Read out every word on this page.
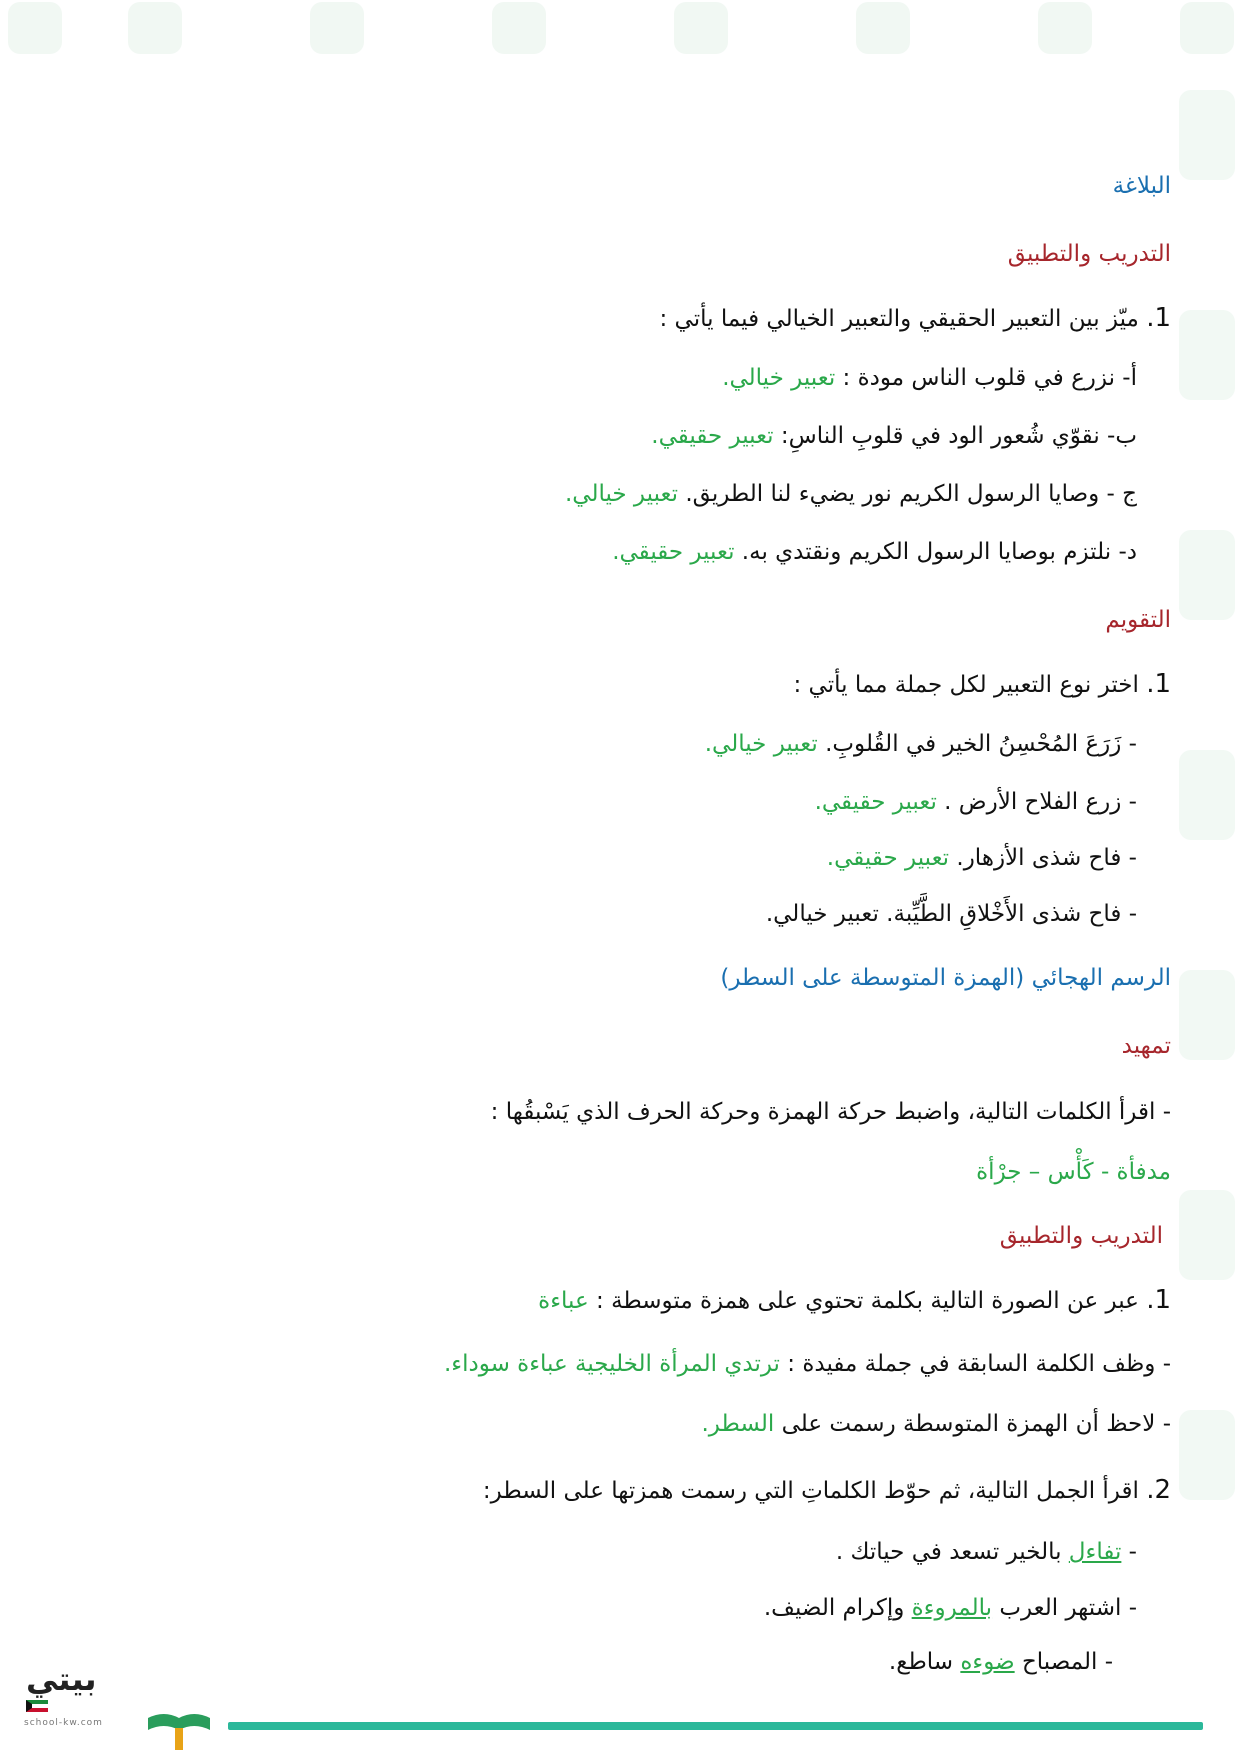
البلاغة
التدريب والتطبيق
1. ميّز بين التعبير الحقيقي والتعبير الخيالي فيما يأتي :
أ- نزرع في قلوب الناس مودة : تعبير خيالي.
ب- نقوّي شُعور الود في قلوبِ الناسِ: تعبير حقيقي.
ج - وصايا الرسول الكريم نور يضيء لنا الطريق. تعبير خيالي.
د- نلتزم بوصايا الرسول الكريم ونقتدي به. تعبير حقيقي.
التقويم
1. اختر نوع التعبير لكل جملة مما يأتي :
- زَرَعَ المُحْسِنُ الخير في القُلوبِ. تعبير خيالي.
- زرع الفلاح الأرض . تعبير حقيقي.
- فاح شذى الأزهار. تعبير حقيقي.
- فاح شذى الأَخْلاقِ الطَّيِّبة. تعبير خيالي.
الرسم الهجائي (الهمزة المتوسطة على السطر)
تمهيد
- اقرأ الكلمات التالية، واضبط حركة الهمزة وحركة الحرف الذي يَسْبقُها :
مدفأة - كَأْس – جرْأة
التدريب والتطبيق
1. عبر عن الصورة التالية بكلمة تحتوي على همزة متوسطة : عباءة
- وظف الكلمة السابقة في جملة مفيدة : ترتدي المرأة الخليجية عباءة سوداء.
- لاحظ أن الهمزة المتوسطة رسمت على السطر.
2. اقرأ الجمل التالية، ثم حوّط الكلماتِ التي رسمت همزتها على السطر:
- تفاءل بالخير تسعد في حياتك .
- اشتهر العرب بالمروءة وإكرام الضيف.
- المصباح ضوءه ساطع.
بيتي
school-kw.com
